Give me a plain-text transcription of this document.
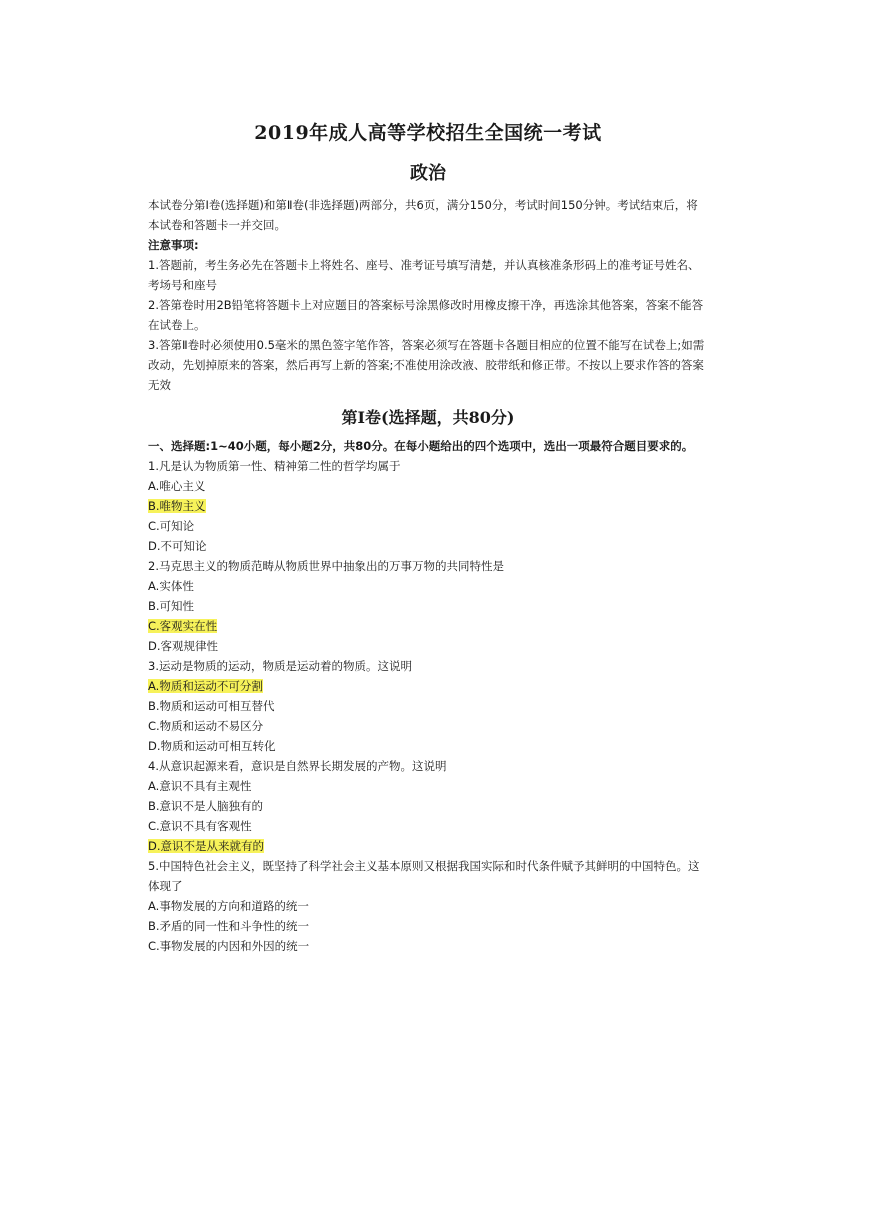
2019年成人高等学校招生全国统一考试
政治

本试卷分第Ⅰ卷(选择题)和第Ⅱ卷(非选择题)两部分，共6页，满分150分，考试时间150分钟。考试结束后，将本试卷和答题卡一并交回。

注意事项:

1.答题前，考生务必先在答题卡上将姓名、座号、准考证号填写清楚，并认真核准条形码上的准考证号姓名、考场号和座号

2.答第卷时用2B铅笔将答题卡上对应题目的答案标号涂黑修改时用橡皮擦干净，再选涂其他答案，答案不能答在试卷上。

3.答第Ⅱ卷时必须使用0.5毫米的黑色签字笔作答，答案必须写在答题卡各题目相应的位置不能写在试卷上;如需改动，先划掉原来的答案，然后再写上新的答案;不准使用涂改液、胶带纸和修正带。不按以上要求作答的答案无效

第Ⅰ卷(选择题，共80分)

一、选择题:1~40小题，每小题2分，共80分。在每小题给出的四个选项中，选出一项最符合题目要求的。

1.凡是认为物质第一性、精神第二性的哲学均属于

A.唯心主义

B.唯物主义

C.可知论

D.不可知论

2.马克思主义的物质范畴从物质世界中抽象出的万事万物的共同特性是

A.实体性

B.可知性

C.客观实在性

D.客观规律性

3.运动是物质的运动，物质是运动着的物质。这说明

A.物质和运动不可分割

B.物质和运动可相互替代

C.物质和运动不易区分

D.物质和运动可相互转化

4.从意识起源来看，意识是自然界长期发展的产物。这说明

A.意识不具有主观性

B.意识不是人脑独有的

C.意识不具有客观性

D.意识不是从来就有的

5.中国特色社会主义，既坚持了科学社会主义基本原则又根据我国实际和时代条件赋予其鲜明的中国特色。这体现了

A.事物发展的方向和道路的统一

B.矛盾的同一性和斗争性的统一

C.事物发展的内因和外因的统一
